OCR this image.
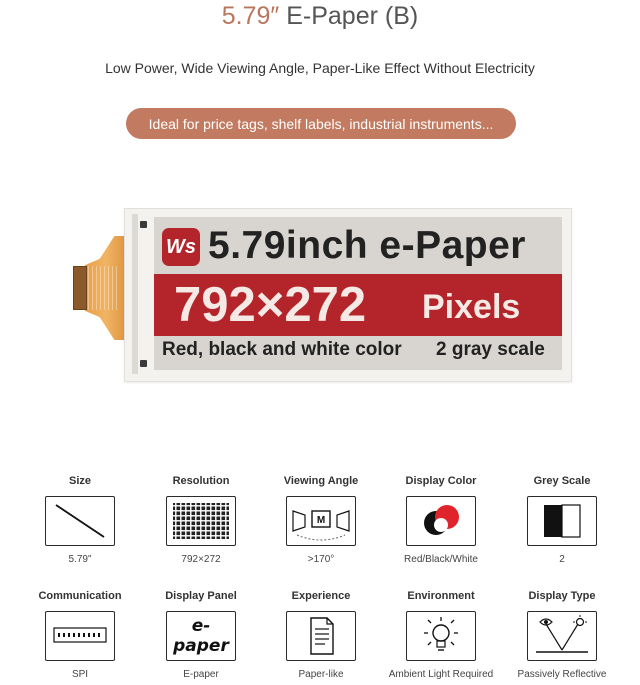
5.79″ E-Paper (B)
Low Power, Wide Viewing Angle, Paper-Like Effect Without Electricity
Ideal for price tags, shelf labels, industrial instruments...
Ws 5.79inch e-Paper
792×272 Pixels
Red, black and white color 2 gray scale
Size
5.79"
Resolution
792×272
Viewing Angle
M
>170°
Display Color
Red/Black/White
Grey Scale
2
Communication
SPI
Display Panel
e-paper
E-paper
Experience
Paper-like
Environment
Ambient Light Required
Display Type
Passively Reflective
